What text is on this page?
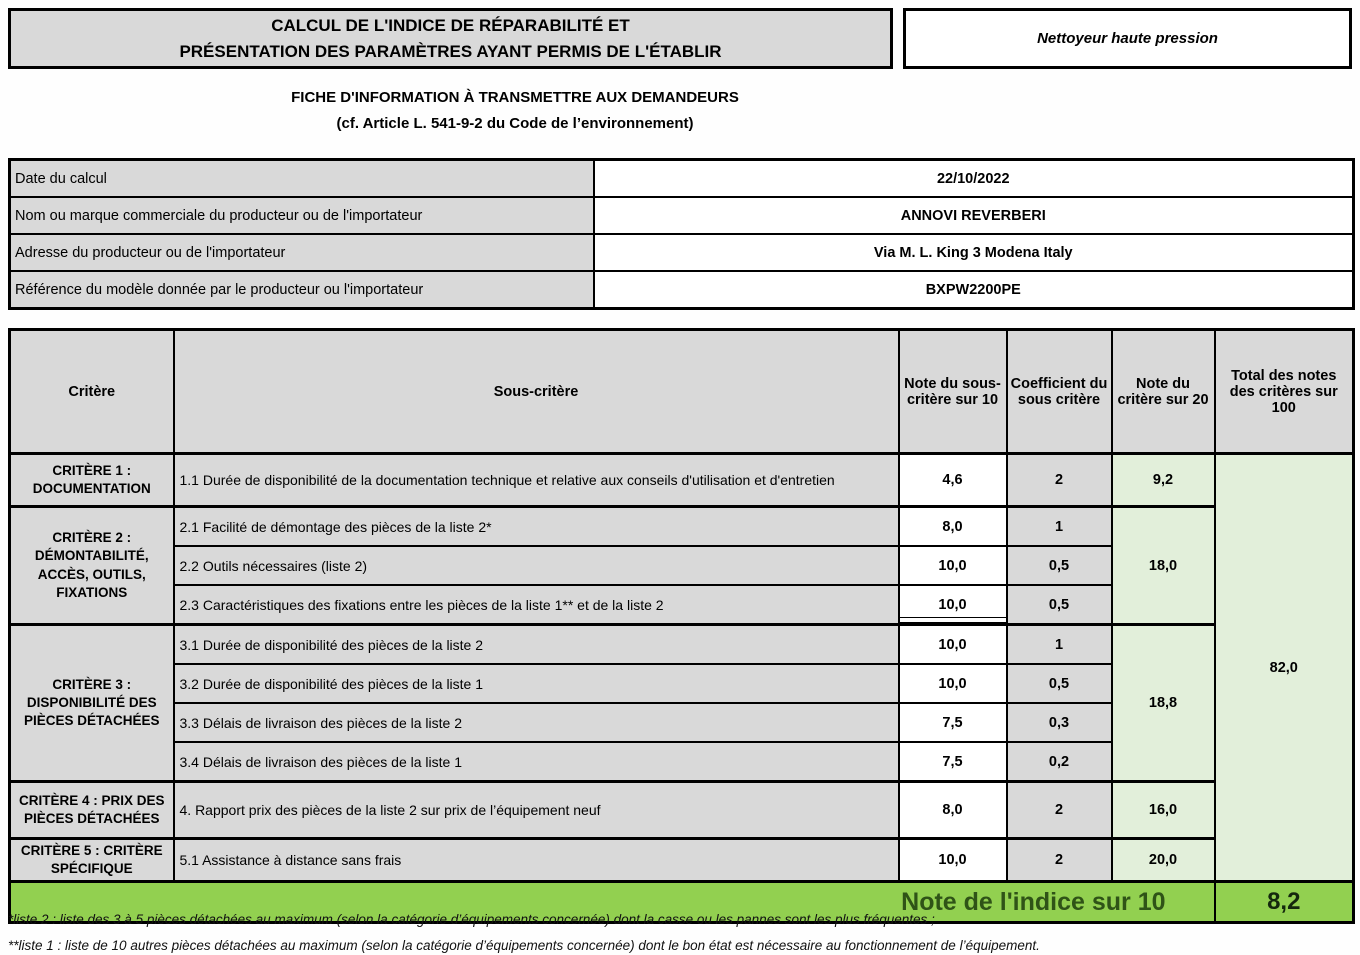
CALCUL DE L'INDICE DE RÉPARABILITÉ ET
PRÉSENTATION DES PARAMÈTRES AYANT PERMIS DE L'ÉTABLIR
Nettoyeur haute pression
FICHE D'INFORMATION À TRANSMETTRE AUX DEMANDEURS
(cf. Article L. 541-9-2 du Code de l’environnement)
Date du calcul	22/10/2022
Nom ou marque commerciale du producteur ou de l'importateur	ANNOVI REVERBERI
Adresse du producteur ou de l'importateur	Via M. L. King 3 Modena Italy
Référence du modèle donnée par le producteur ou l'importateur	BXPW2200PE
Critère	Sous-critère	Note du sous-critère sur 10	Coefficient du sous critère	Note du critère sur 20	Total des notes des critères sur 100
CRITÈRE 1 : DOCUMENTATION	1.1 Durée de disponibilité de la documentation technique et relative aux conseils d'utilisation et d'entretien	4,6	2	9,2	82,0
CRITÈRE 2 : DÉMONTABILITÉ, ACCÈS, OUTILS, FIXATIONS	2.1 Facilité de démontage des pièces de la liste 2*	8,0	1	18,0	
	2.2 Outils nécessaires (liste 2)	10,0	0,5		
	2.3 Caractéristiques des fixations entre les pièces de la liste 1** et de la liste 2	10,0	0,5		
CRITÈRE 3 : DISPONIBILITÉ DES PIÈCES DÉTACHÉES	3.1 Durée de disponibilité des pièces de la liste 2	10,0	1	18,8	
	3.2 Durée de disponibilité des pièces de la liste 1	10,0	0,5		
	3.3 Délais de livraison des pièces de la liste 2	7,5	0,3		
	3.4 Délais de livraison des pièces de la liste 1	7,5	0,2		
CRITÈRE 4 : PRIX DES PIÈCES DÉTACHÉES	4. Rapport prix des pièces de la liste 2 sur prix de l’équipement neuf	8,0	2	16,0	
CRITÈRE 5 : CRITÈRE SPÉCIFIQUE	5.1 Assistance à distance sans frais	10,0	2	20,0	
Note de l'indice sur 10					8,2
*liste 2 : liste des 3 à 5 pièces détachées au maximum (selon la catégorie d’équipements concernée) dont la casse ou les pannes sont les plus fréquentes ;
**liste 1 : liste de 10 autres pièces détachées au maximum (selon la catégorie d’équipements concernée) dont le bon état est nécessaire au fonctionnement de l’équipement.
